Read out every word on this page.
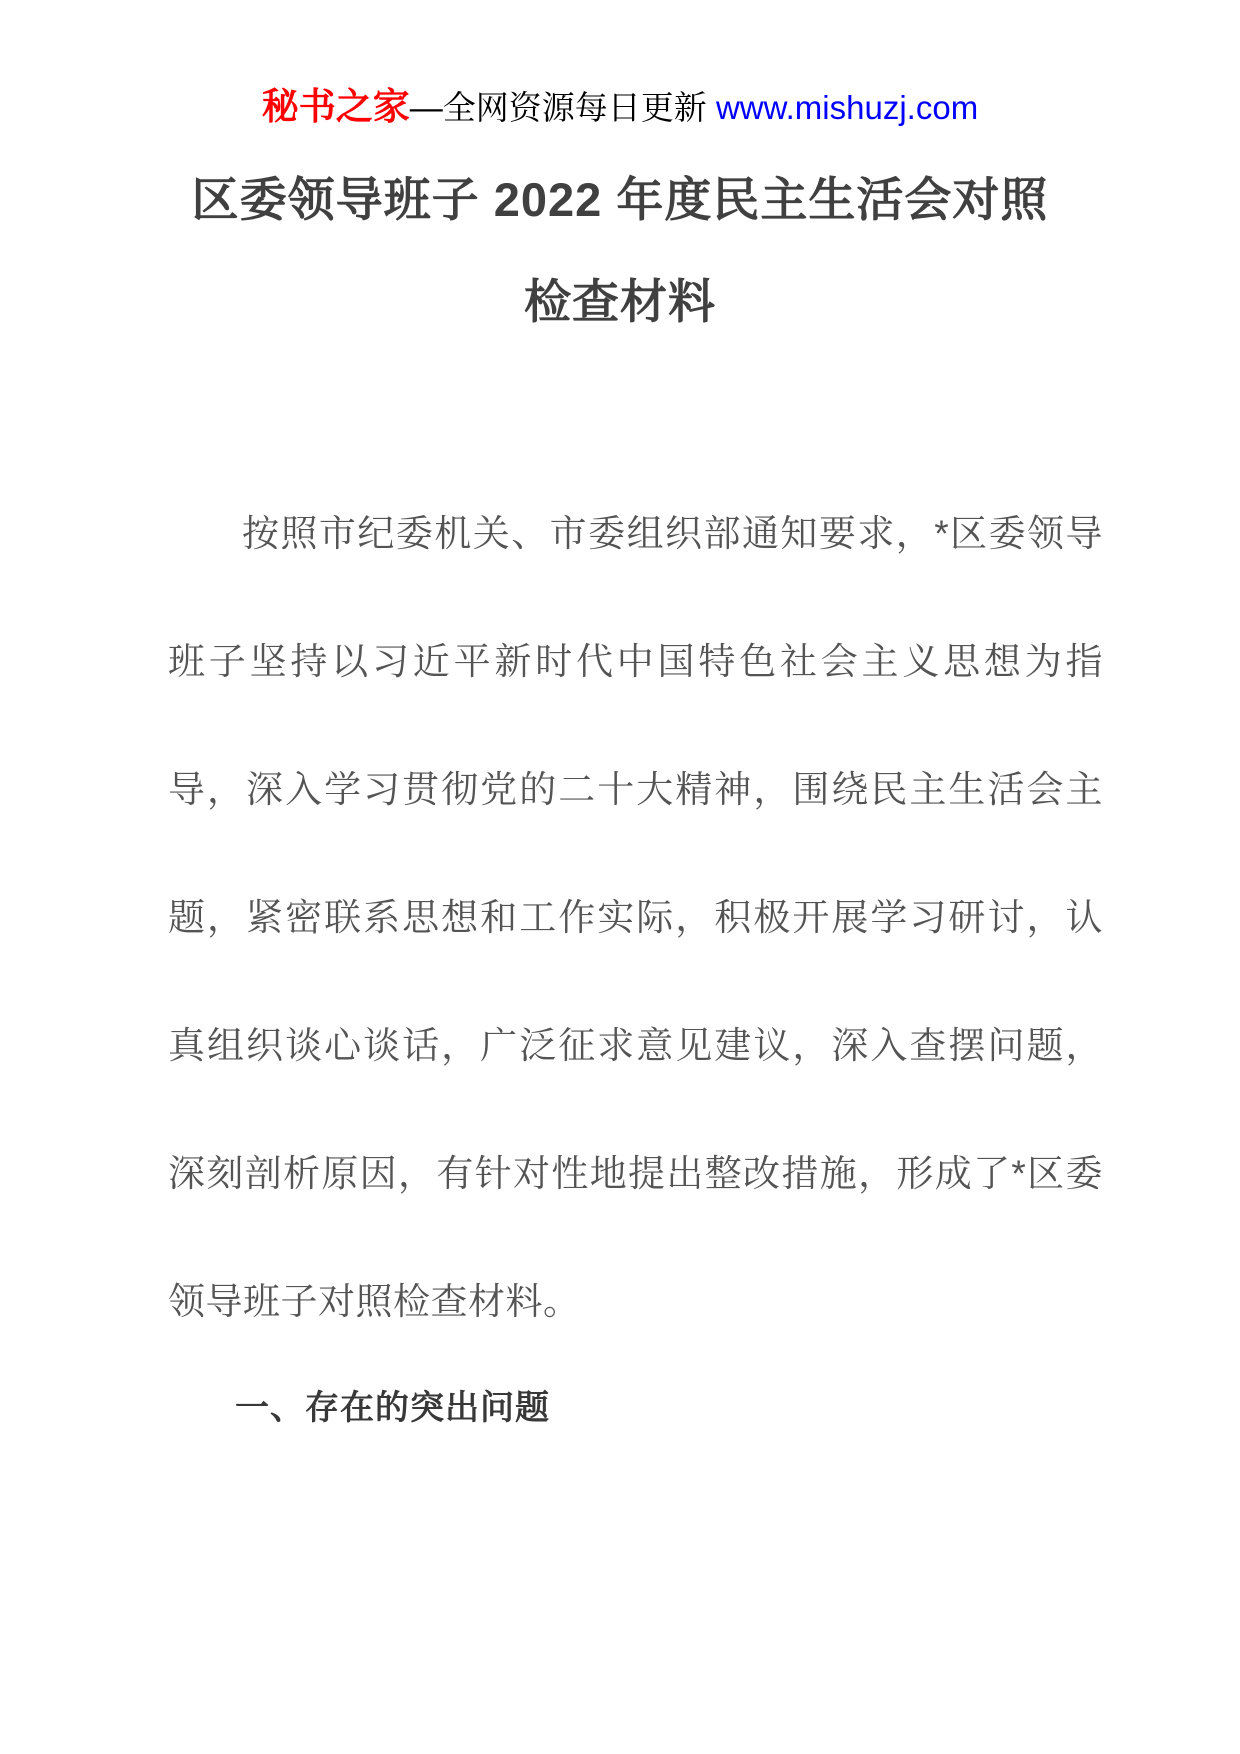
秘书之家—全网资源每日更新 www.mishuzj.com
区委领导班子 2022 年度民主生活会对照
检查材料

按照市纪委机关、市委组织部通知要求，*区委领导班子坚持以习近平新时代中国特色社会主义思想为指导，深入学习贯彻党的二十大精神，围绕民主生活会主题，紧密联系思想和工作实际，积极开展学习研讨，认真组织谈心谈话，广泛征求意见建议，深入查摆问题，深刻剖析原因，有针对性地提出整改措施，形成了*区委领导班子对照检查材料。

一、存在的突出问题
